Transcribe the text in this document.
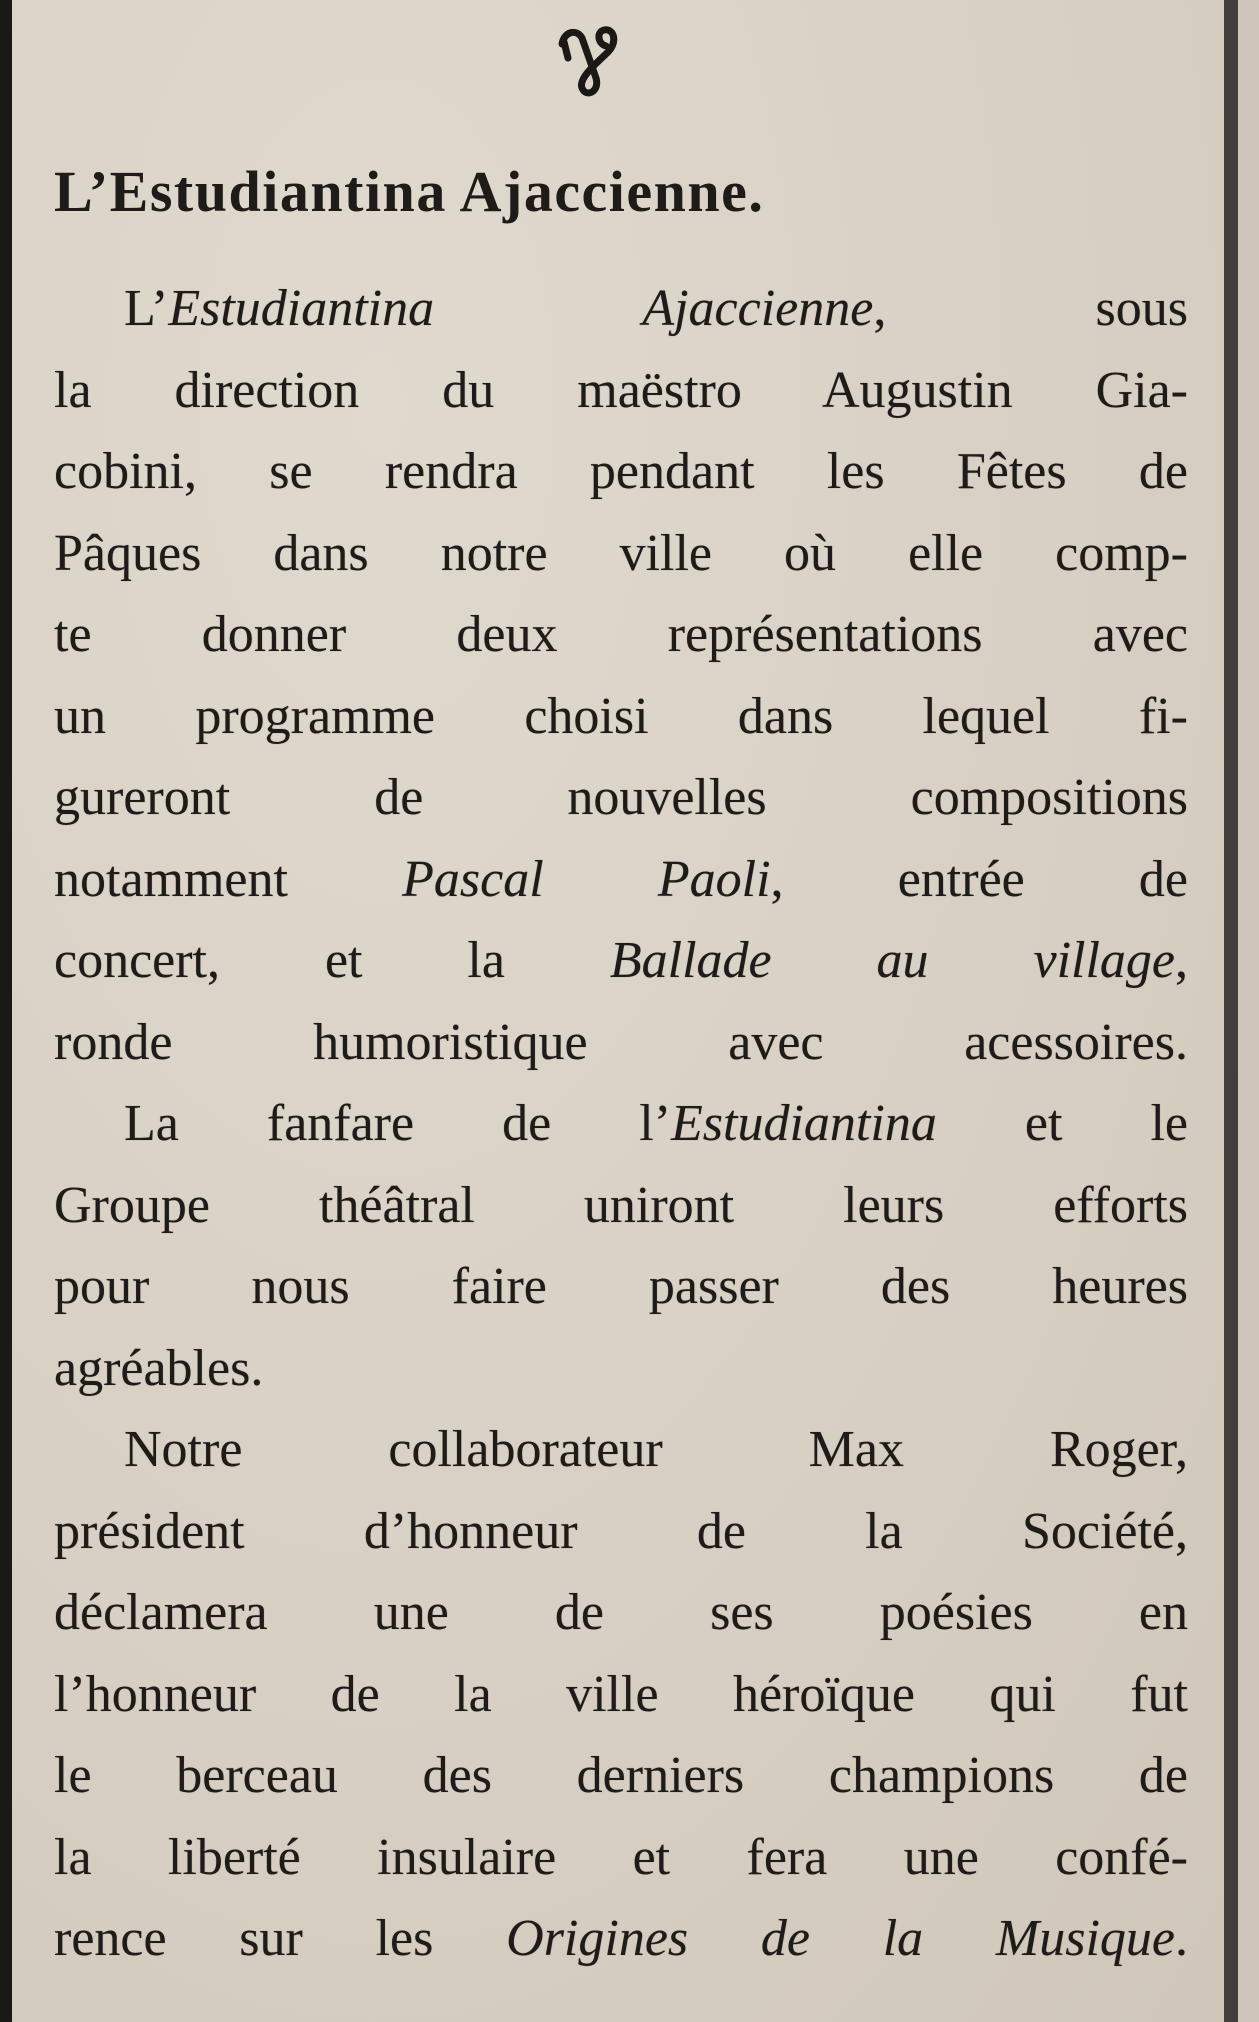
L’Estudiantina Ajaccienne.
L’Estudiantina Ajaccienne, sous
la direction du maëstro Augustin Gia-
cobini, se rendra pendant les Fêtes de
Pâques dans notre ville où elle comp-
te donner deux représentations avec
un programme choisi dans lequel fi-
gureront de nouvelles compositions
notamment Pascal Paoli, entrée de
concert, et la Ballade au village,
ronde humoristique avec acessoires.
La fanfare de l’Estudiantina et le
Groupe théâtral uniront leurs efforts
pour nous faire passer des heures
agréables.
Notre collaborateur Max Roger,
président d’honneur de la Société,
déclamera une de ses poésies en
l’honneur de la ville héroïque qui fut
le berceau des derniers champions de
la liberté insulaire et fera une confé-
rence sur les Origines de la Musique.
